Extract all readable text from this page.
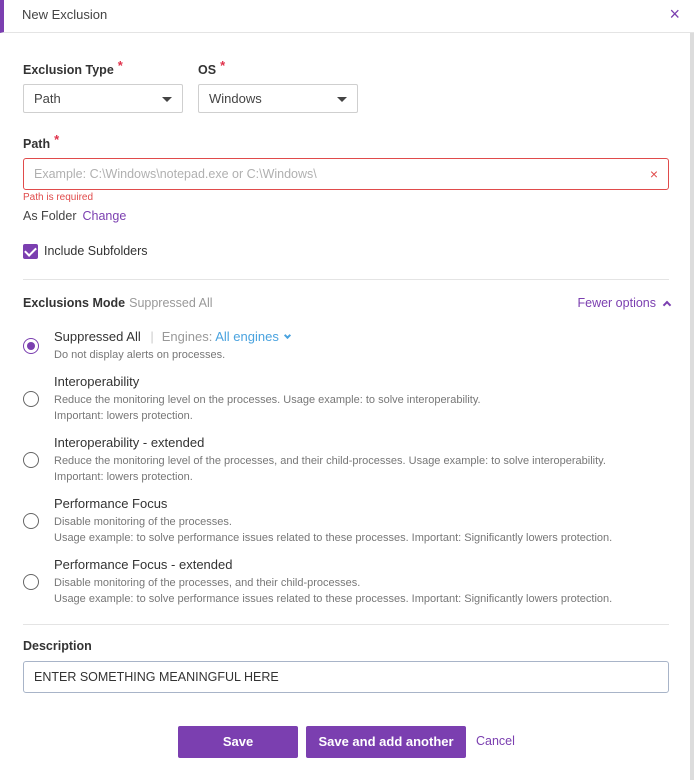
New Exclusion	×
Exclusion Type *
Path
OS *
Windows
Path *
Example: C:\Windows\notepad.exe or C:\Windows\
×
Path is required
As Folder Change
Include Subfolders
Exclusions Mode Suppressed All	Fewer options
Suppressed All | Engines: All engines
Do not display alerts on processes.
Interoperability
Reduce the monitoring level on the processes. Usage example: to solve interoperability.
Important: lowers protection.
Interoperability - extended
Reduce the monitoring level of the processes, and their child-processes. Usage example: to solve interoperability.
Important: lowers protection.
Performance Focus
Disable monitoring of the processes.
Usage example: to solve performance issues related to these processes. Important: Significantly lowers protection.
Performance Focus - extended
Disable monitoring of the processes, and their child-processes.
Usage example: to solve performance issues related to these processes. Important: Significantly lowers protection.
Description
ENTER SOMETHING MEANINGFUL HERE
Save	Save and add another	Cancel
